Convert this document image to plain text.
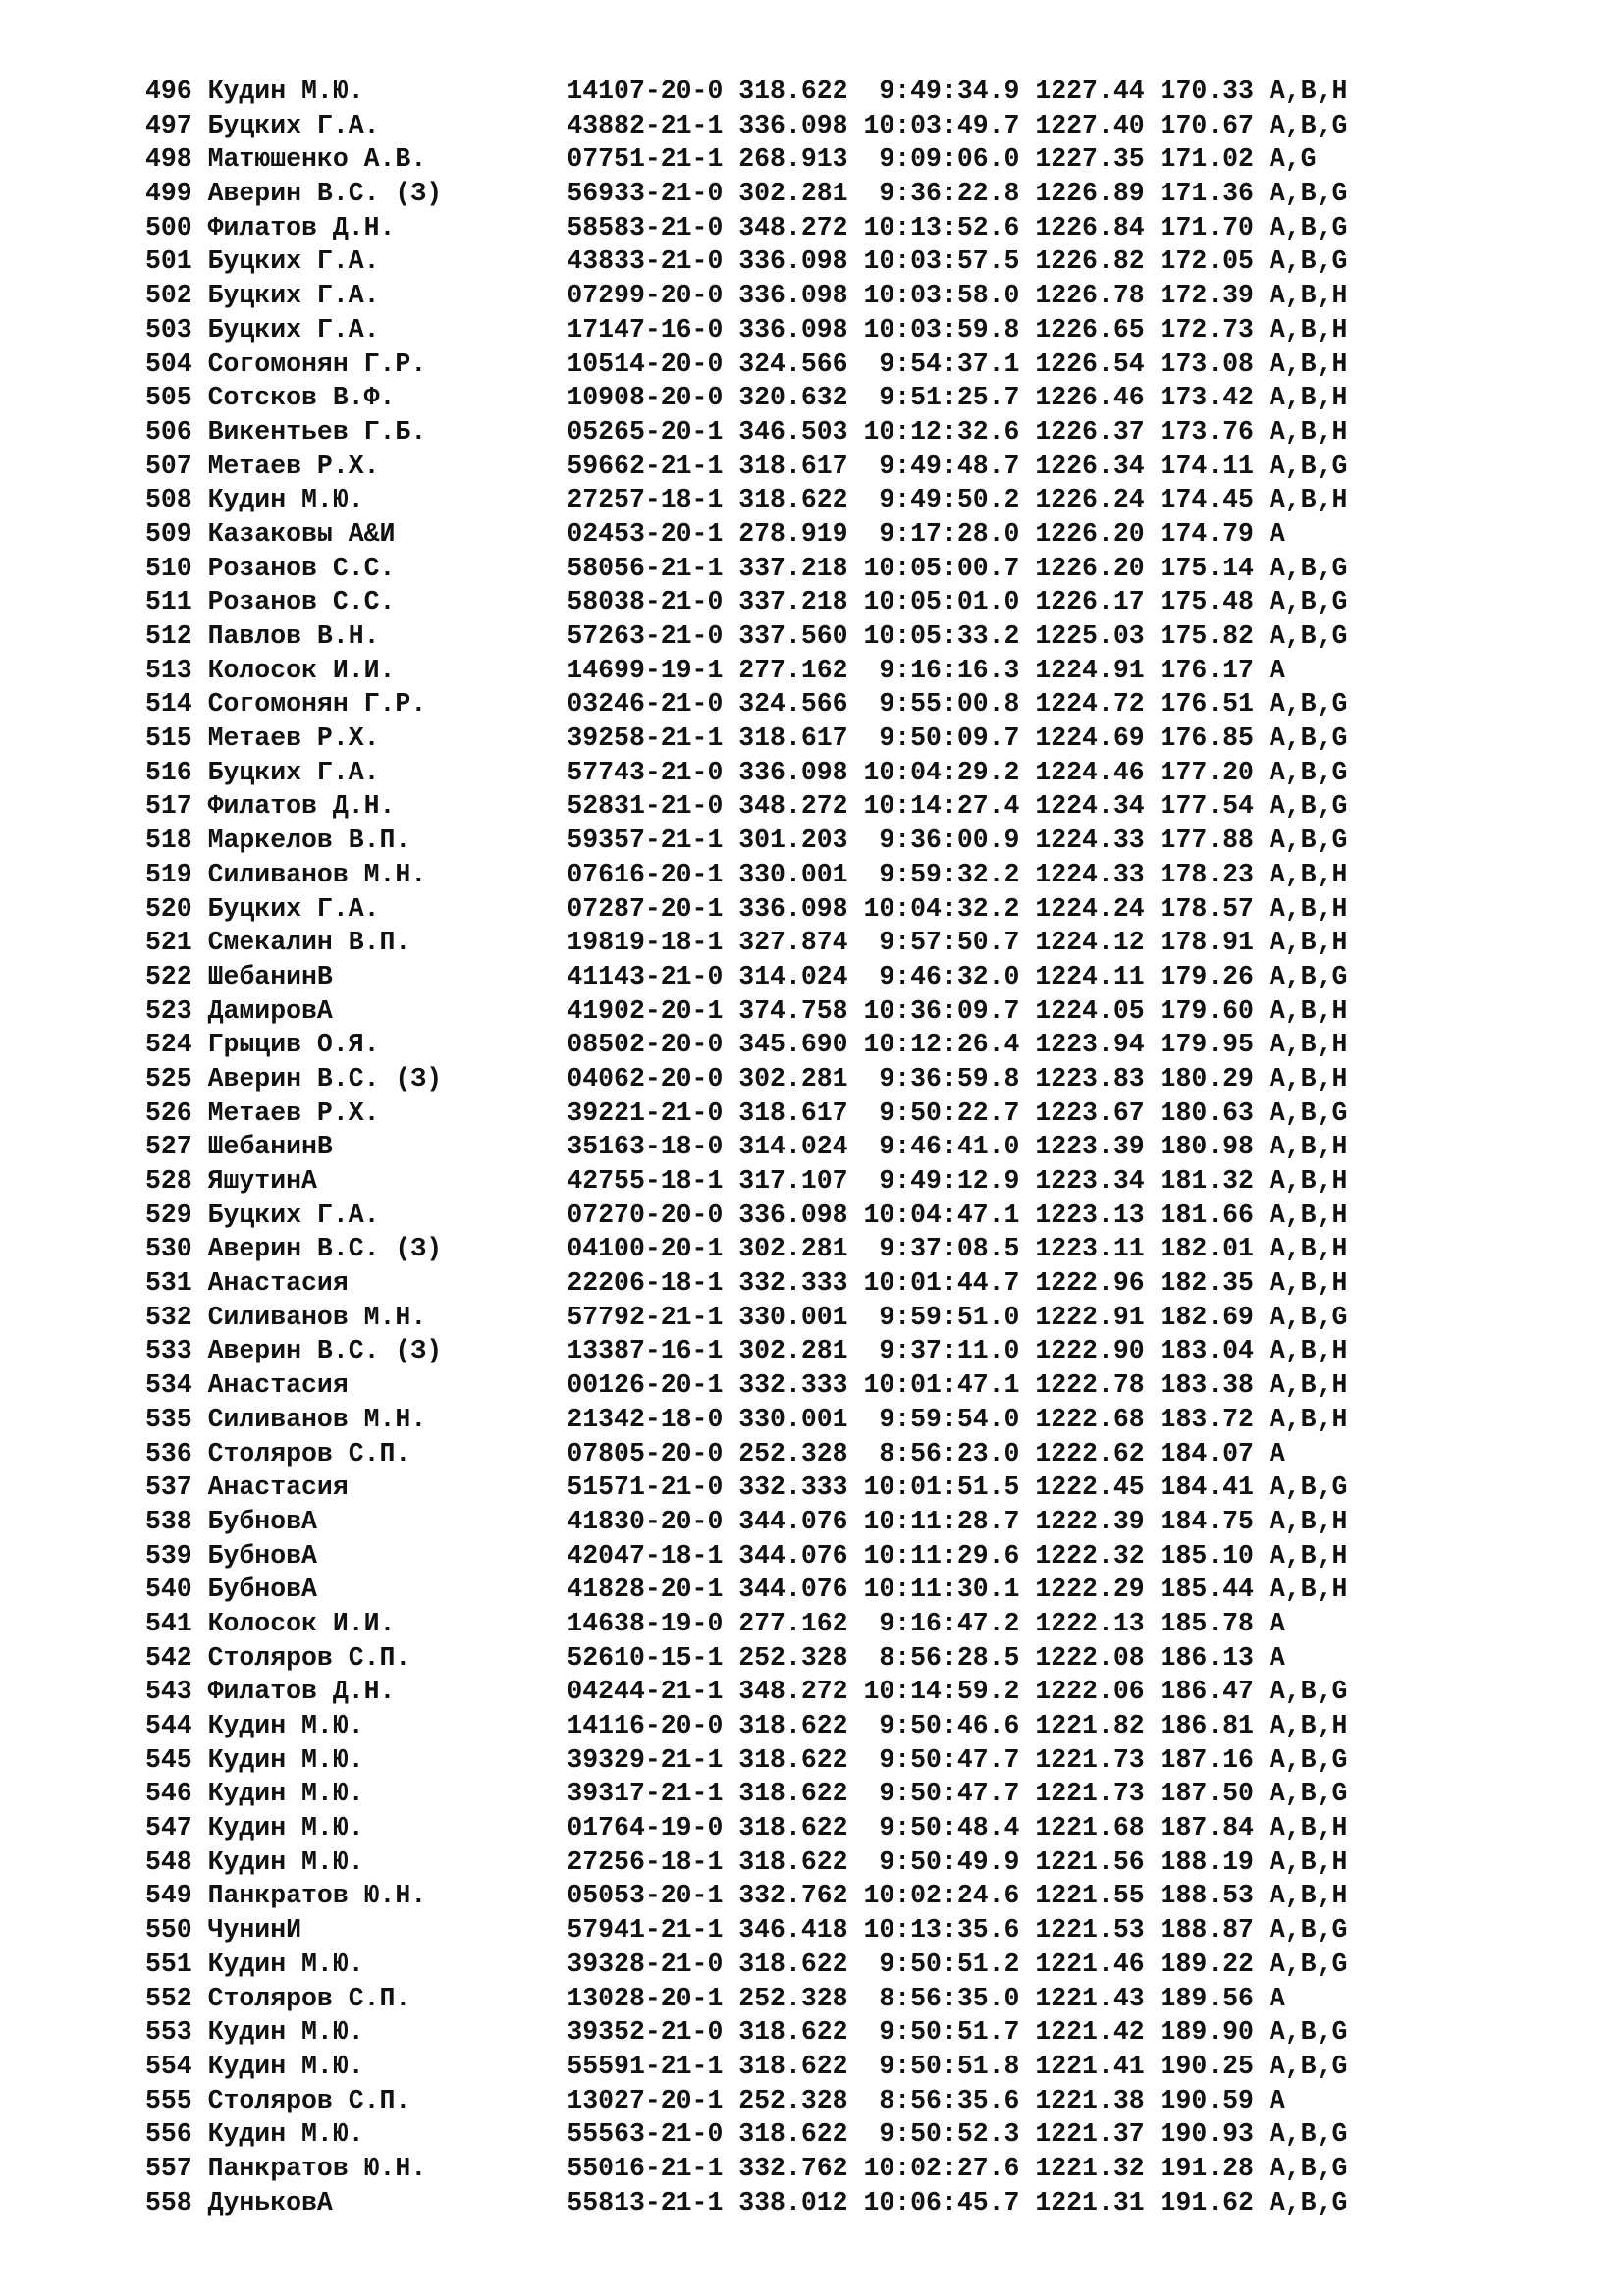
496 Кудин М.Ю.	14107-20-0 318.622 9:49:34.9 1227.44 170.33 A,B,H
497 Буцких Г.А.	43882-21-1 336.098 10:03:49.7 1227.40 170.67 A,B,G
498 Матюшенко А.В.	07751-21-1 268.913 9:09:06.0 1227.35 171.02 A,G
499 Аверин В.С. (З)	56933-21-0 302.281 9:36:22.8 1226.89 171.36 A,B,G
500 Филатов Д.Н.	58583-21-0 348.272 10:13:52.6 1226.84 171.70 A,B,G
501 Буцких Г.А.	43833-21-0 336.098 10:03:57.5 1226.82 172.05 A,B,G
502 Буцких Г.А.	07299-20-0 336.098 10:03:58.0 1226.78 172.39 A,B,H
503 Буцких Г.А.	17147-16-0 336.098 10:03:59.8 1226.65 172.73 A,B,H
504 Согомонян Г.Р.	10514-20-0 324.566 9:54:37.1 1226.54 173.08 A,B,H
505 Сотсков В.Ф.	10908-20-0 320.632 9:51:25.7 1226.46 173.42 A,B,H
506 Викентьев Г.Б.	05265-20-1 346.503 10:12:32.6 1226.37 173.76 A,B,H
507 Метаев Р.Х.	59662-21-1 318.617 9:49:48.7 1226.34 174.11 A,B,G
508 Кудин М.Ю.	27257-18-1 318.622 9:49:50.2 1226.24 174.45 A,B,H
509 Казаковы А&И	02453-20-1 278.919 9:17:28.0 1226.20 174.79 A
510 Розанов С.С.	58056-21-1 337.218 10:05:00.7 1226.20 175.14 A,B,G
511 Розанов С.С.	58038-21-0 337.218 10:05:01.0 1226.17 175.48 A,B,G
512 Павлов В.Н.	57263-21-0 337.560 10:05:33.2 1225.03 175.82 A,B,G
513 Колосок И.И.	14699-19-1 277.162 9:16:16.3 1224.91 176.17 A
514 Согомонян Г.Р.	03246-21-0 324.566 9:55:00.8 1224.72 176.51 A,B,G
515 Метаев Р.Х.	39258-21-1 318.617 9:50:09.7 1224.69 176.85 A,B,G
516 Буцких Г.А.	57743-21-0 336.098 10:04:29.2 1224.46 177.20 A,B,G
517 Филатов Д.Н.	52831-21-0 348.272 10:14:27.4 1224.34 177.54 A,B,G
518 Маркелов В.П.	59357-21-1 301.203 9:36:00.9 1224.33 177.88 A,B,G
519 Силиванов М.Н.	07616-20-1 330.001 9:59:32.2 1224.33 178.23 A,B,H
520 Буцких Г.А.	07287-20-1 336.098 10:04:32.2 1224.24 178.57 A,B,H
521 Смекалин В.П.	19819-18-1 327.874 9:57:50.7 1224.12 178.91 A,B,H
522 ШебанинВ	41143-21-0 314.024 9:46:32.0 1224.11 179.26 A,B,G
523 ДамировА	41902-20-1 374.758 10:36:09.7 1224.05 179.60 A,B,H
524 Грыцив О.Я.	08502-20-0 345.690 10:12:26.4 1223.94 179.95 A,B,H
525 Аверин В.С. (З)	04062-20-0 302.281 9:36:59.8 1223.83 180.29 A,B,H
526 Метаев Р.Х.	39221-21-0 318.617 9:50:22.7 1223.67 180.63 A,B,G
527 ШебанинВ	35163-18-0 314.024 9:46:41.0 1223.39 180.98 A,B,H
528 ЯшутинА	42755-18-1 317.107 9:49:12.9 1223.34 181.32 A,B,H
529 Буцких Г.А.	07270-20-0 336.098 10:04:47.1 1223.13 181.66 A,B,H
530 Аверин В.С. (З)	04100-20-1 302.281 9:37:08.5 1223.11 182.01 A,B,H
531 Анастасия	22206-18-1 332.333 10:01:44.7 1222.96 182.35 A,B,H
532 Силиванов М.Н.	57792-21-1 330.001 9:59:51.0 1222.91 182.69 A,B,G
533 Аверин В.С. (З)	13387-16-1 302.281 9:37:11.0 1222.90 183.04 A,B,H
534 Анастасия	00126-20-1 332.333 10:01:47.1 1222.78 183.38 A,B,H
535 Силиванов М.Н.	21342-18-0 330.001 9:59:54.0 1222.68 183.72 A,B,H
536 Столяров С.П.	07805-20-0 252.328 8:56:23.0 1222.62 184.07 A
537 Анастасия	51571-21-0 332.333 10:01:51.5 1222.45 184.41 A,B,G
538 БубновА	41830-20-0 344.076 10:11:28.7 1222.39 184.75 A,B,H
539 БубновА	42047-18-1 344.076 10:11:29.6 1222.32 185.10 A,B,H
540 БубновА	41828-20-1 344.076 10:11:30.1 1222.29 185.44 A,B,H
541 Колосок И.И.	14638-19-0 277.162 9:16:47.2 1222.13 185.78 A
542 Столяров С.П.	52610-15-1 252.328 8:56:28.5 1222.08 186.13 A
543 Филатов Д.Н.	04244-21-1 348.272 10:14:59.2 1222.06 186.47 A,B,G
544 Кудин М.Ю.	14116-20-0 318.622 9:50:46.6 1221.82 186.81 A,B,H
545 Кудин М.Ю.	39329-21-1 318.622 9:50:47.7 1221.73 187.16 A,B,G
546 Кудин М.Ю.	39317-21-1 318.622 9:50:47.7 1221.73 187.50 A,B,G
547 Кудин М.Ю.	01764-19-0 318.622 9:50:48.4 1221.68 187.84 A,B,H
548 Кудин М.Ю.	27256-18-1 318.622 9:50:49.9 1221.56 188.19 A,B,H
549 Панкратов Ю.Н.	05053-20-1 332.762 10:02:24.6 1221.55 188.53 A,B,H
550 ЧунинИ	57941-21-1 346.418 10:13:35.6 1221.53 188.87 A,B,G
551 Кудин М.Ю.	39328-21-0 318.622 9:50:51.2 1221.46 189.22 A,B,G
552 Столяров С.П.	13028-20-1 252.328 8:56:35.0 1221.43 189.56 A
553 Кудин М.Ю.	39352-21-0 318.622 9:50:51.7 1221.42 189.90 A,B,G
554 Кудин М.Ю.	55591-21-1 318.622 9:50:51.8 1221.41 190.25 A,B,G
555 Столяров С.П.	13027-20-1 252.328 8:56:35.6 1221.38 190.59 A
556 Кудин М.Ю.	55563-21-0 318.622 9:50:52.3 1221.37 190.93 A,B,G
557 Панкратов Ю.Н.	55016-21-1 332.762 10:02:27.6 1221.32 191.28 A,B,G
558 ДуньковА	55813-21-1 338.012 10:06:45.7 1221.31 191.62 A,B,G
